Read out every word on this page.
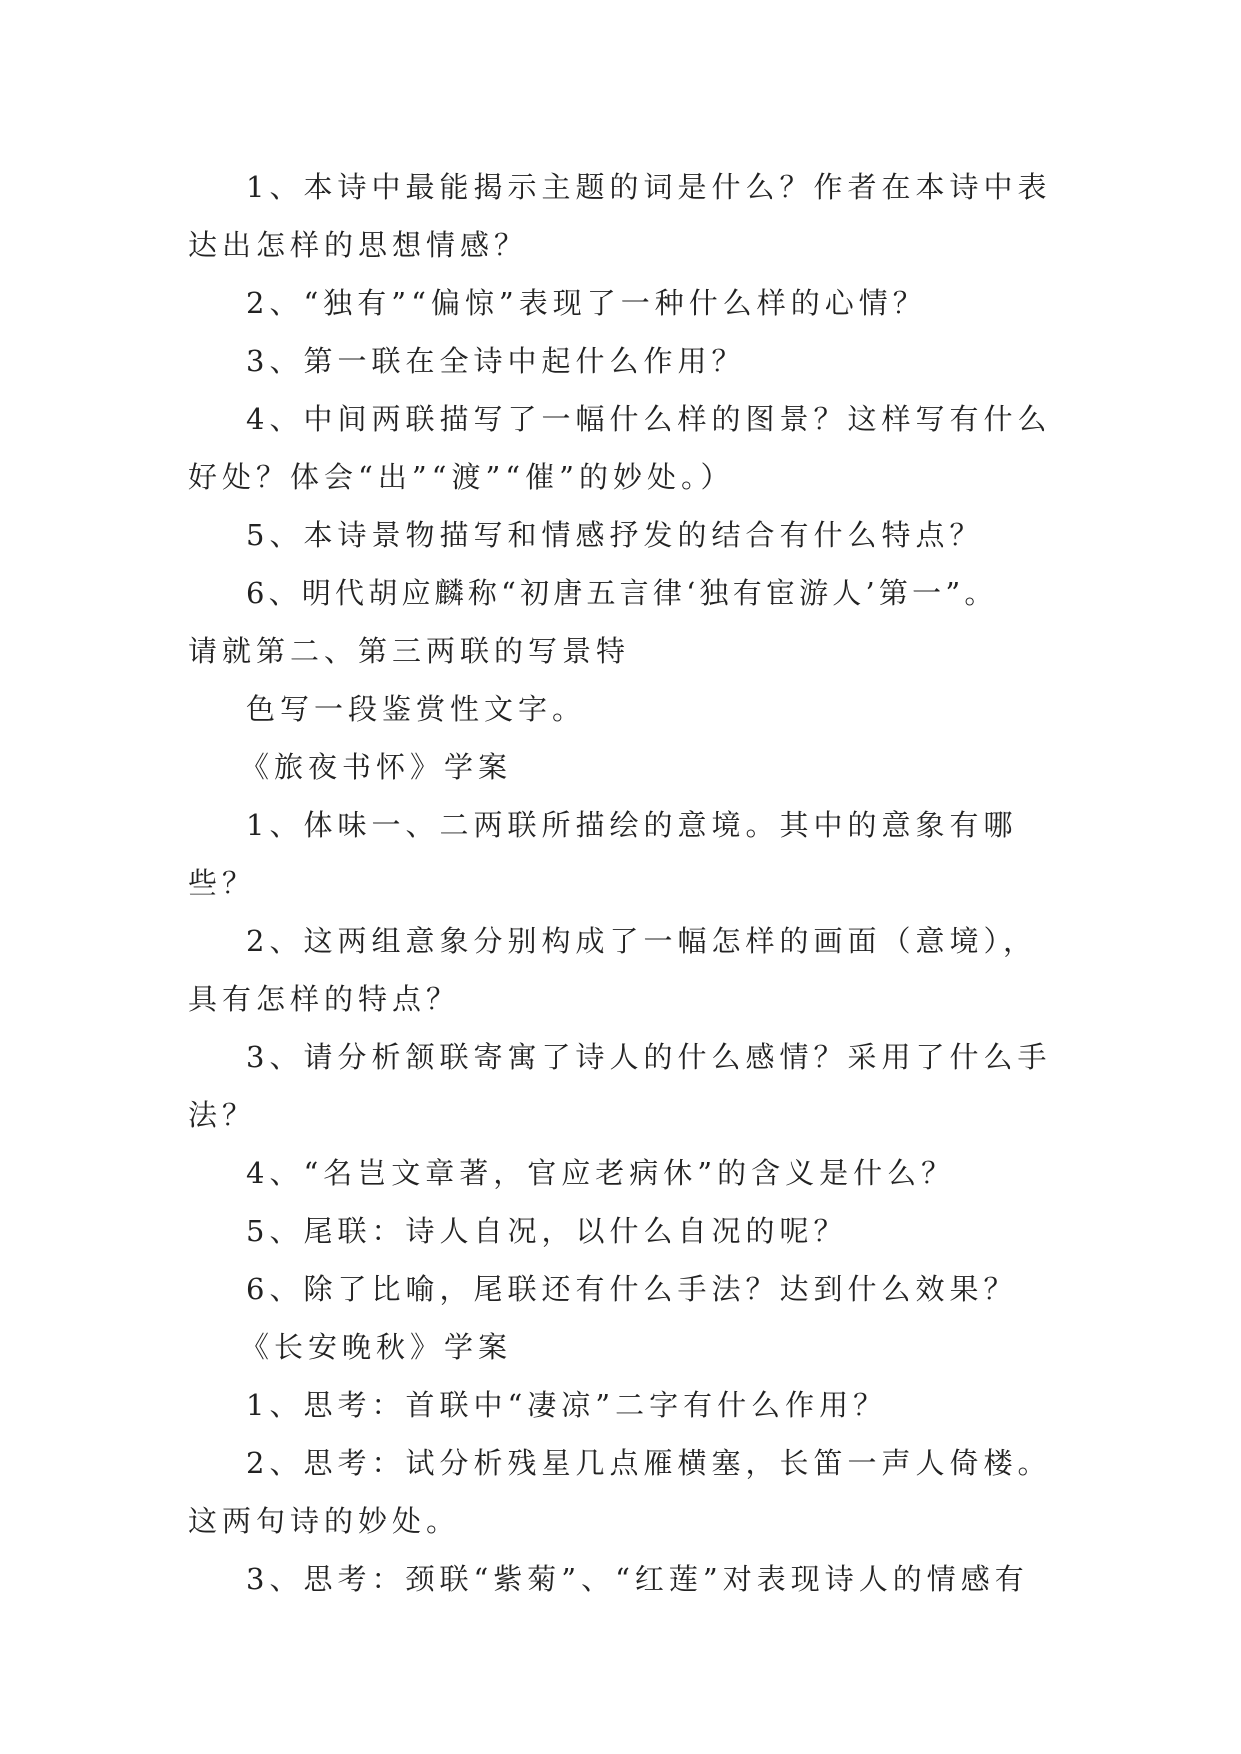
1、本诗中最能揭示主题的词是什么？作者在本诗中表达出怎样的思想情感？

2、“独有”“偏惊”表现了一种什么样的心情？

3、第一联在全诗中起什么作用？

4、中间两联描写了一幅什么样的图景？这样写有什么好处？体会“出”“渡”“催”的妙处。）

5、本诗景物描写和情感抒发的结合有什么特点？

6、明代胡应麟称“初唐五言律‘独有宦游人’第一”。

请就第二、第三两联的写景特

色写一段鉴赏性文字。

《旅夜书怀》学案

1、体味一、二两联所描绘的意境。其中的意象有哪些？

2、这两组意象分别构成了一幅怎样的画面（意境），具有怎样的特点？

3、请分析颔联寄寓了诗人的什么感情？采用了什么手法？

4、“名岂文章著，官应老病休”的含义是什么？

5、尾联：诗人自况，以什么自况的呢？

6、除了比喻，尾联还有什么手法？达到什么效果？

《长安晚秋》学案

1、思考：首联中“凄凉”二字有什么作用？

2、思考：试分析残星几点雁横塞，长笛一声人倚楼。这两句诗的妙处。

3、思考：颈联“紫菊”、“红莲”对表现诗人的情感有
